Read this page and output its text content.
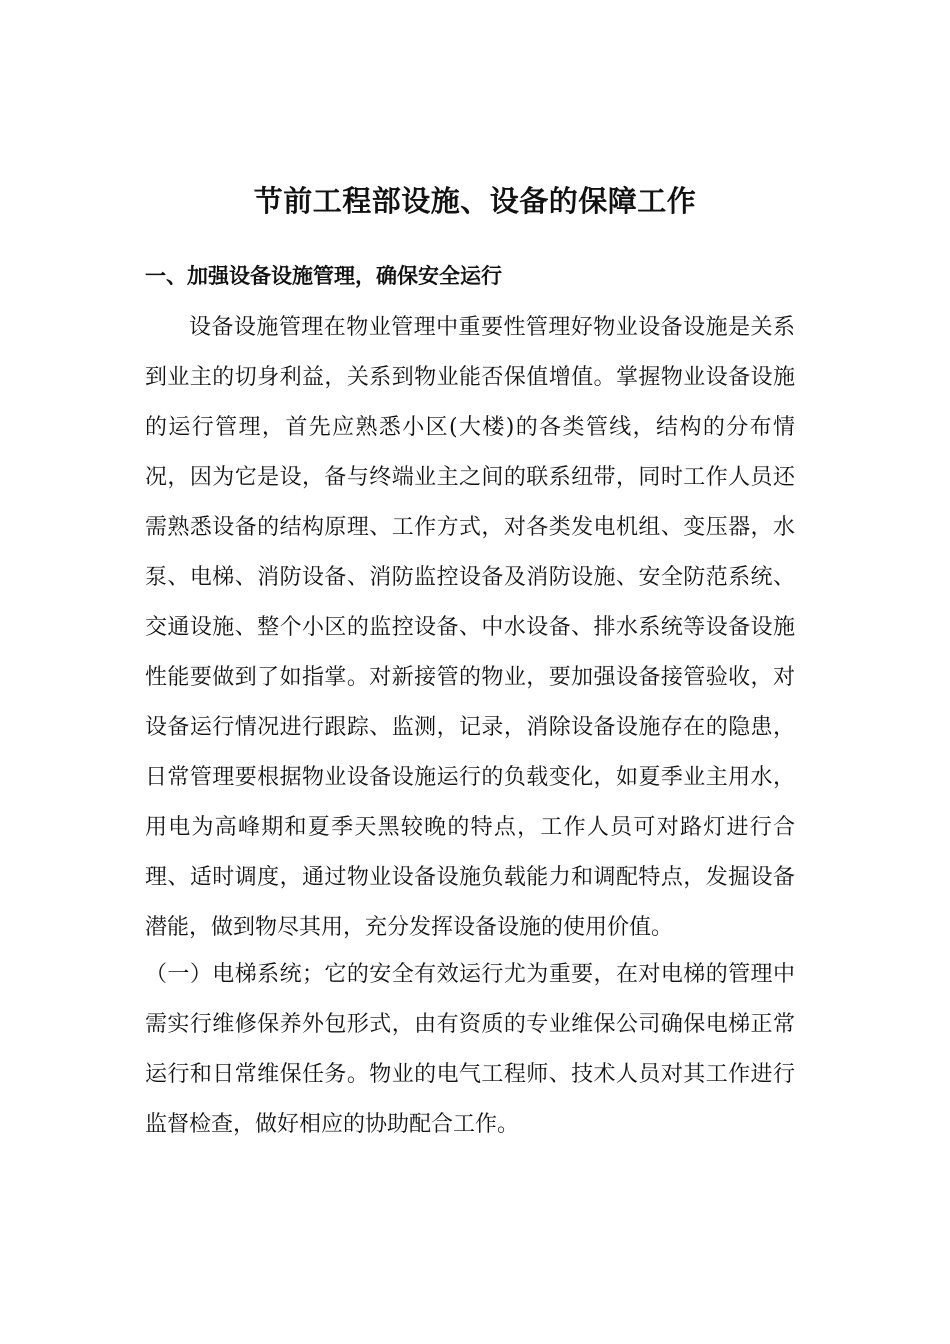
节前工程部设施、设备的保障工作
一、加强设备设施管理，确保安全运行

设备设施管理在物业管理中重要性管理好物业设备设施是关系到业主的切身利益，关系到物业能否保值增值。掌握物业设备设施的运行管理，首先应熟悉小区(大楼)的各类管线，结构的分布情况，因为它是设，备与终端业主之间的联系纽带，同时工作人员还需熟悉设备的结构原理、工作方式，对各类发电机组、变压器，水泵、电梯、消防设备、消防监控设备及消防设施、安全防范系统、交通设施、整个小区的监控设备、中水设备、排水系统等设备设施性能要做到了如指掌。对新接管的物业，要加强设备接管验收，对设备运行情况进行跟踪、监测，记录，消除设备设施存在的隐患，日常管理要根据物业设备设施运行的负载变化，如夏季业主用水，用电为高峰期和夏季天黑较晚的特点，工作人员可对路灯进行合理、适时调度，通过物业设备设施负载能力和调配特点，发掘设备潜能，做到物尽其用，充分发挥设备设施的使用价值。

（一）电梯系统；它的安全有效运行尤为重要，在对电梯的管理中需实行维修保养外包形式，由有资质的专业维保公司确保电梯正常运行和日常维保任务。物业的电气工程师、技术人员对其工作进行监督检查，做好相应的协助配合工作。
